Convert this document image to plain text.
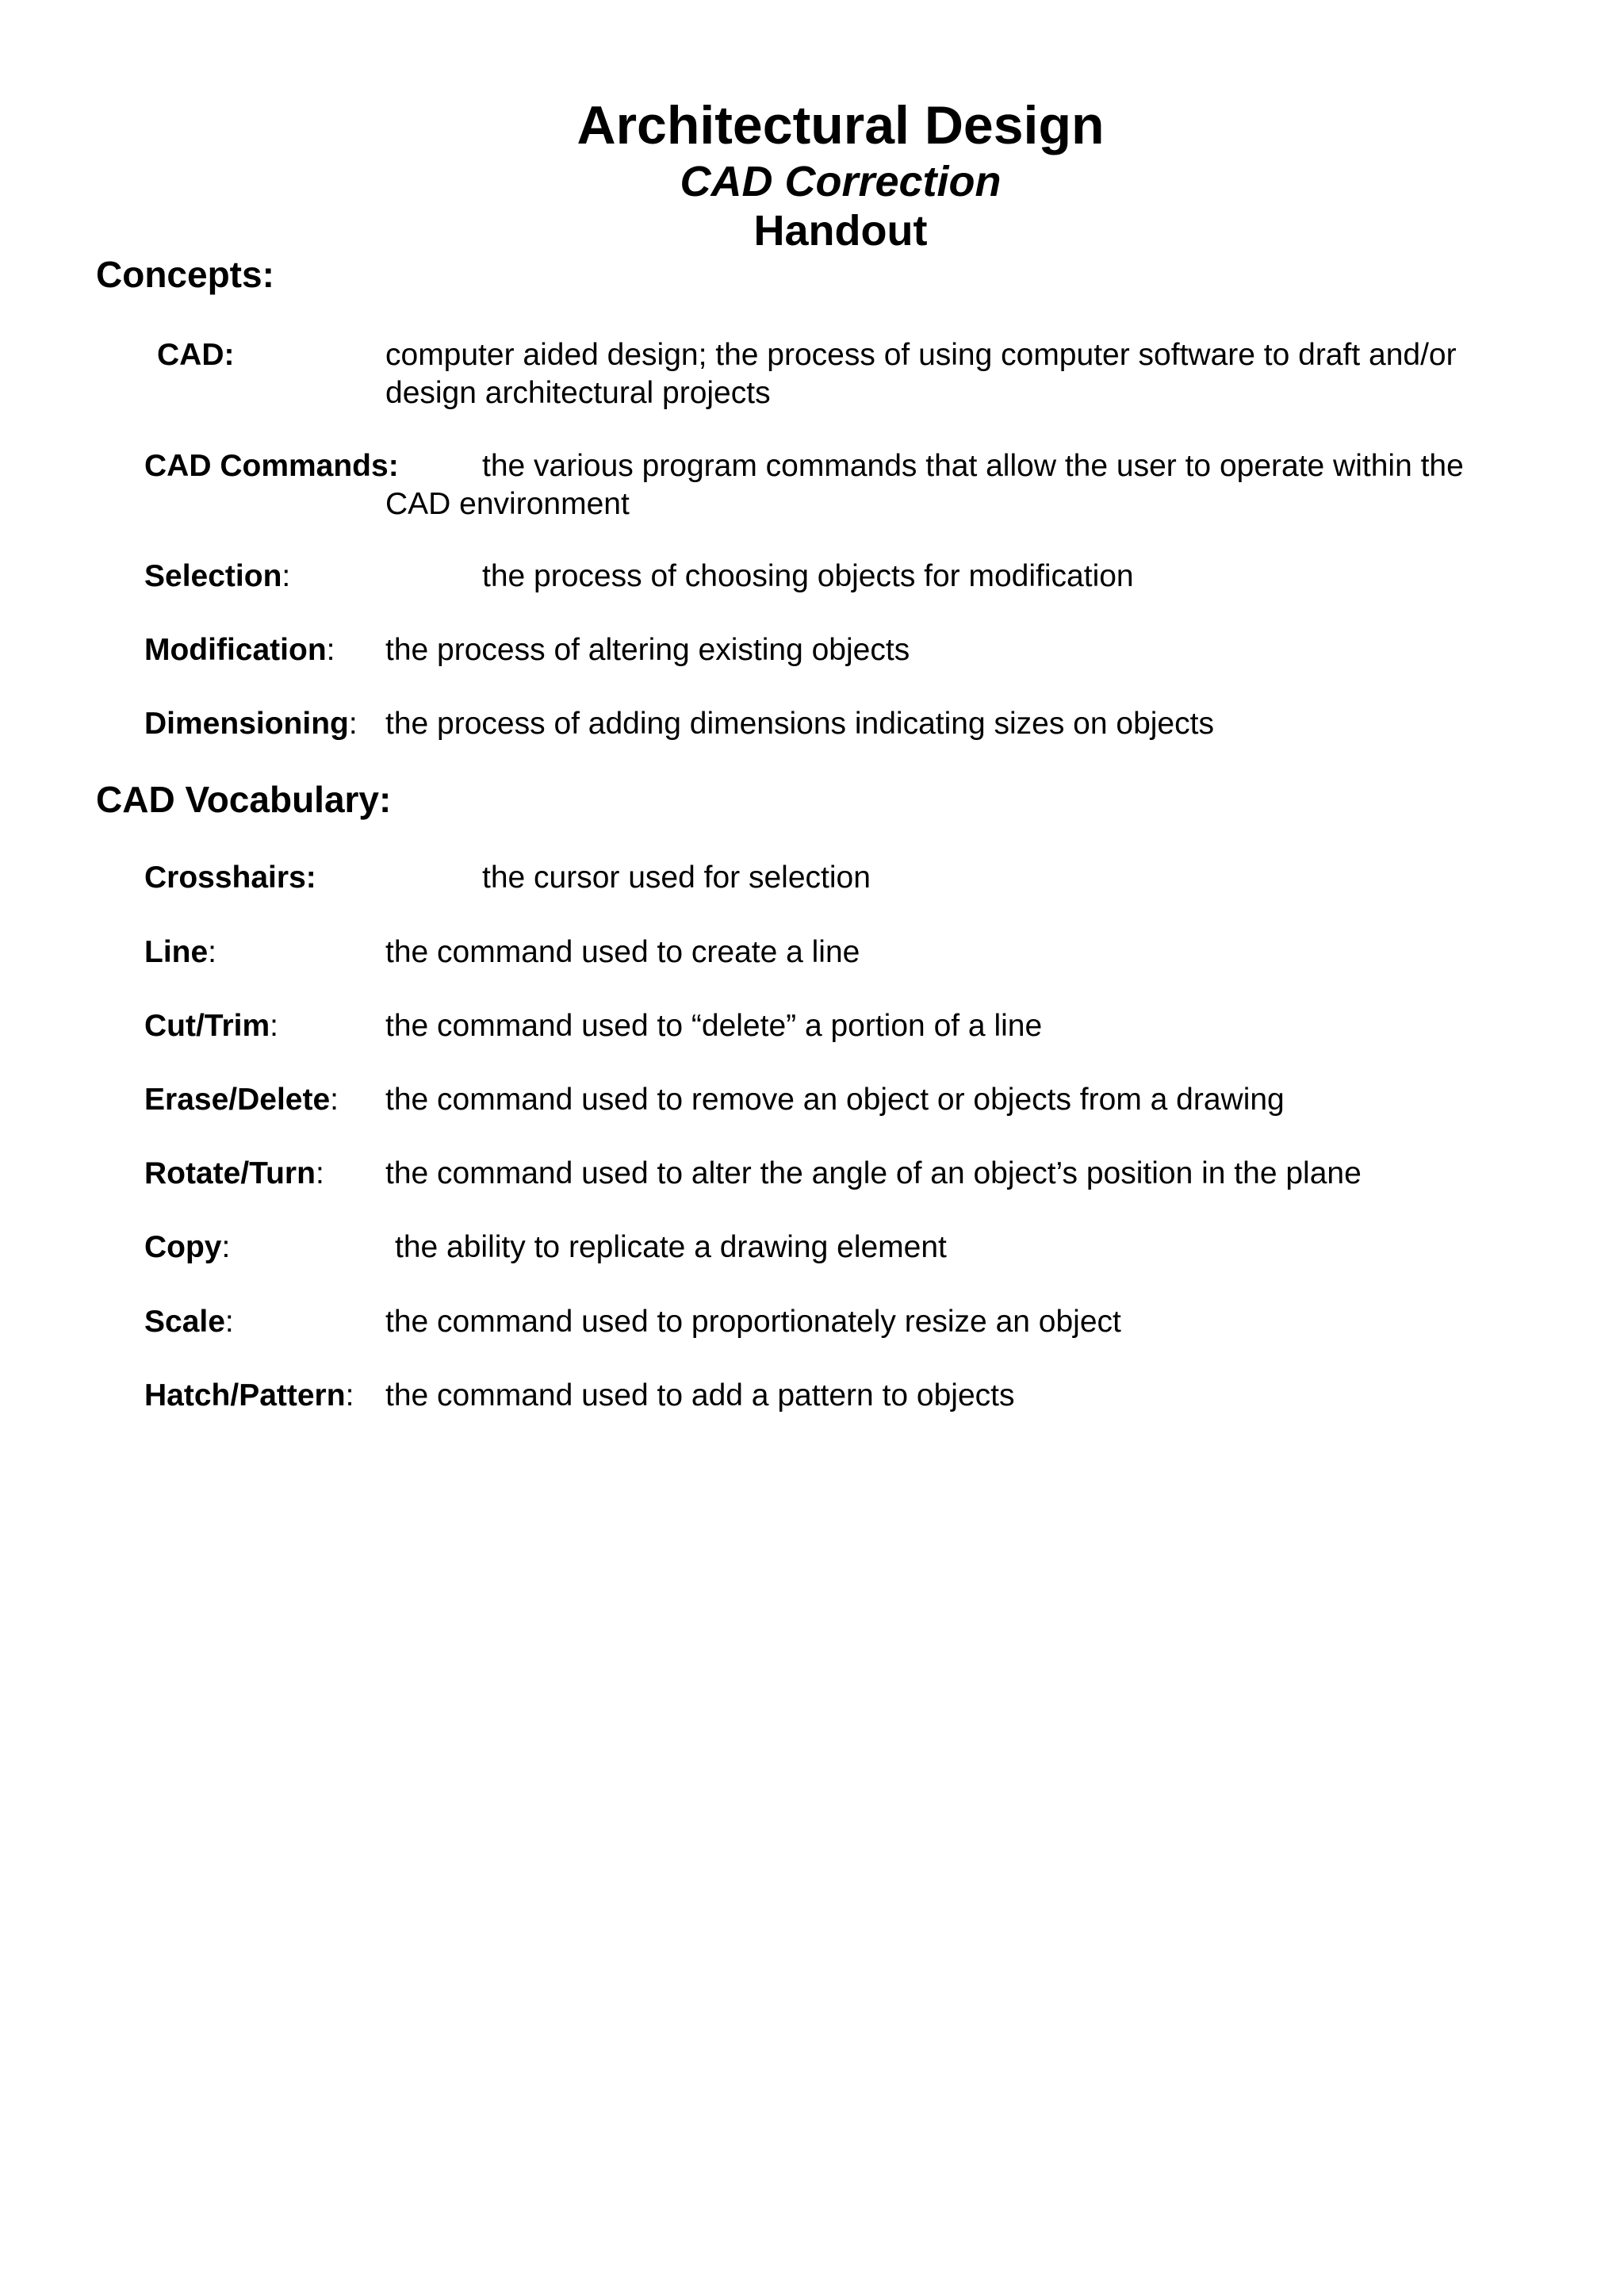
Architectural Design

CAD Correction

Handout

Concepts:

CAD:	computer aided design; the process of using computer software to draft and/or design architectural projects
CAD Commands:	the various program commands that allow the user to operate within the CAD environment
Selection:	the process of choosing objects for modification
Modification: the process of altering existing objects
Dimensioning: the process of adding dimensions indicating sizes on objects

CAD Vocabulary:

Crosshairs:	the cursor used for selection
Line:	the command used to create a line
Cut/Trim:	the command used to “delete” a portion of a line
Erase/Delete: the command used to remove an object or objects from a drawing
Rotate/Turn: the command used to alter the angle of an object’s position in the plane
Copy:	the ability to replicate a drawing element
Scale:	the command used to proportionately resize an object
Hatch/Pattern: the command used to add a pattern to objects
